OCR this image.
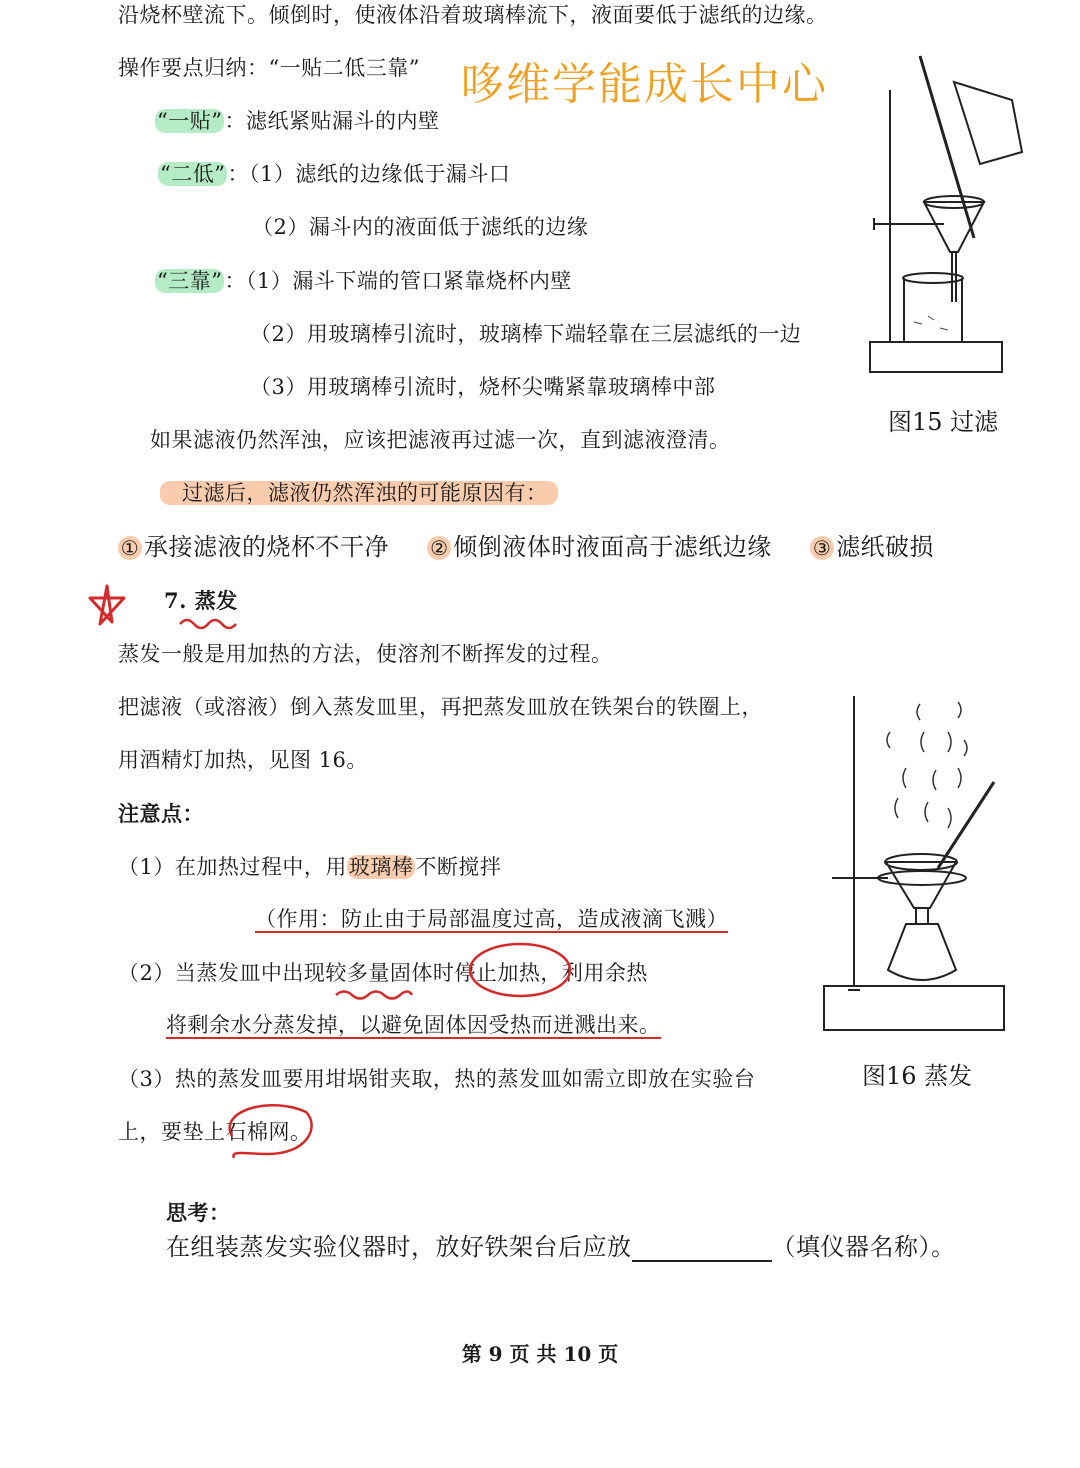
沿烧杯壁流下。倾倒时，使液体沿着玻璃棒流下，液面要低于滤纸的边缘。
操作要点归纳：“一贴二低三靠” 哆维学能成长中心
“一贴”：滤纸紧贴漏斗的内壁
“二低”：（1）滤纸的边缘低于漏斗口
（2）漏斗内的液面低于滤纸的边缘
“三靠”：（1）漏斗下端的管口紧靠烧杯内壁
（2）用玻璃棒引流时，玻璃棒下端轻靠在三层滤纸的一边
（3）用玻璃棒引流时，烧杯尖嘴紧靠玻璃棒中部
如果滤液仍然浑浊，应该把滤液再过滤一次，直到滤液澄清。
过滤后，滤液仍然浑浊的可能原因有：
① 承接滤液的烧杯不干净 ② 倾倒液体时液面高于滤纸边缘 ③ 滤纸破损
图15 过滤
7. 蒸发
蒸发一般是用加热的方法，使溶剂不断挥发的过程。
把滤液（或溶液）倒入蒸发皿里，再把蒸发皿放在铁架台的铁圈上，
用酒精灯加热，见图 16。
注意点：
（1）在加热过程中，用玻璃棒不断搅拌
（作用：防止由于局部温度过高，造成液滴飞溅）
（2）当蒸发皿中出现较多量固体时停止加热，利用余热
将剩余水分蒸发掉，以避免固体因受热而迸溅出来。
（3）热的蒸发皿要用坩埚钳夹取，热的蒸发皿如需立即放在实验台
上，要垫上石棉网。
图16 蒸发
思考：
在组装蒸发实验仪器时，放好铁架台后应放	（填仪器名称）。
第 9 页 共 10 页
